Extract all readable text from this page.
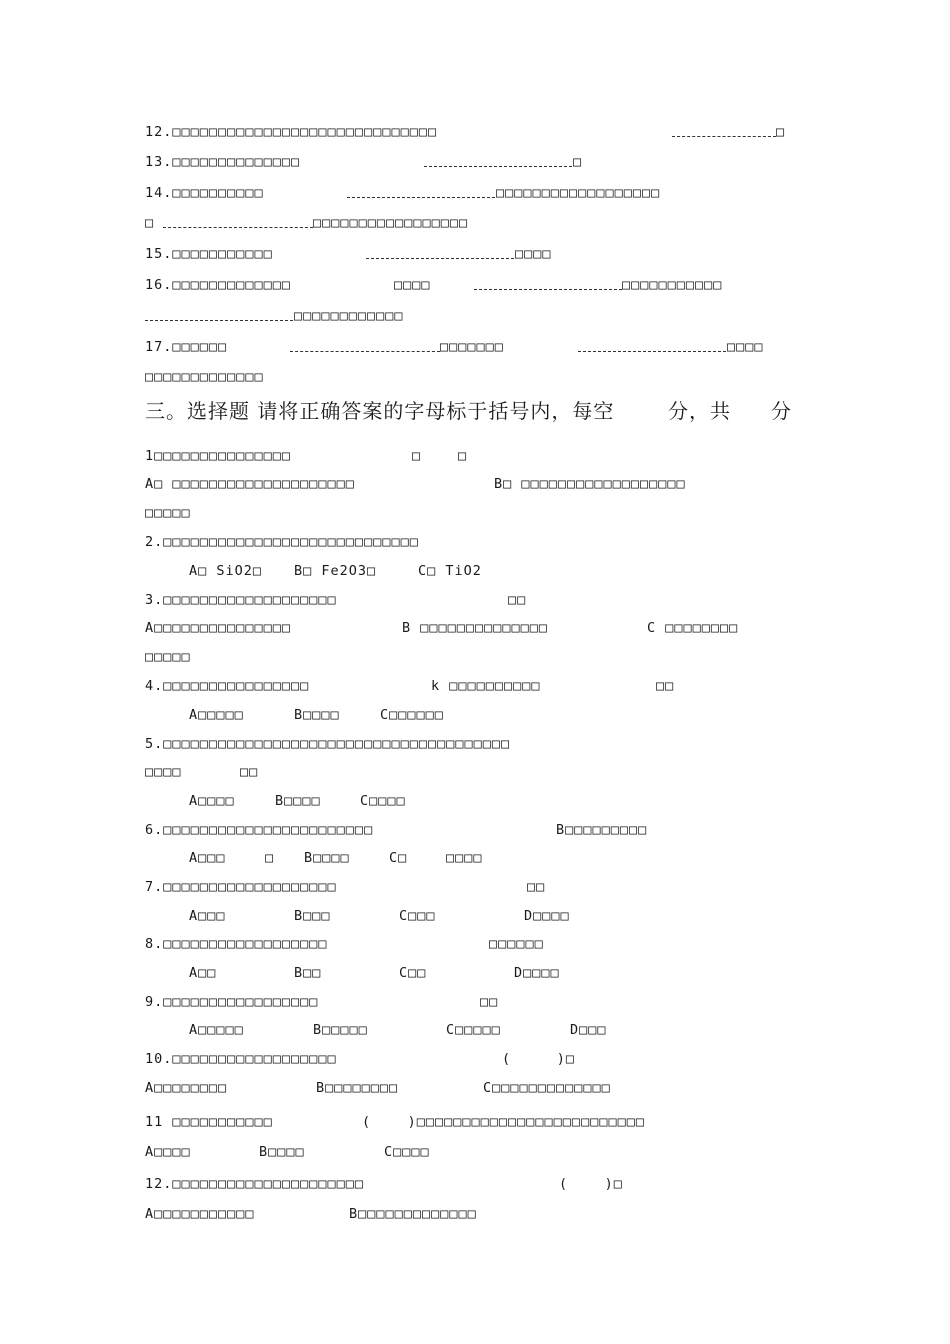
12.□□□□□□□□□□□□□□□□□□□□□□□□□□□□□	□
13.□□□□□□□□□□□□□□	□
14.□□□□□□□□□□	□□□□□□□□□□□□□□□□□□
□	□□□□□□□□□□□□□□□□□
15.□□□□□□□□□□□	□□□□
16.□□□□□□□□□□□□□	□□□□	□□□□□□□□□□□
□□□□□□□□□□□□
17.□□□□□□	□□□□□□□	□□□□
□□□□□□□□□□□□□
三。选择题 请将正确答案的字母标于括号内，每空	分，共 分
1□□□□□□□□□□□□□□□	□	□
A□ □□□□□□□□□□□□□□□□□□□□	B□ □□□□□□□□□□□□□□□□□□
□□□□□
2.□□□□□□□□□□□□□□□□□□□□□□□□□□□□
A□ SiO2□ B□ Fe2O3□	C□ TiO2
3.□□□□□□□□□□□□□□□□□□□	□□
A□□□□□□□□□□□□□□□	B □□□□□□□□□□□□□□	C □□□□□□□□
□□□□□
4.□□□□□□□□□□□□□□□□	k □□□□□□□□□□	□□
A□□□□□	B□□□□	C□□□□□□
5.□□□□□□□□□□□□□□□□□□□□□□□□□□□□□□□□□□□□□□
□□□□	□□
A□□□□	B□□□□	C□□□□
6.□□□□□□□□□□□□□□□□□□□□□□□	B□□□□□□□□□
A□□□	□ B□□□□	C□	□□□□
7.□□□□□□□□□□□□□□□□□□□	□□
A□□□	B□□□	C□□□	D□□□□
8.□□□□□□□□□□□□□□□□□□	□□□□□□
A□□	B□□	C□□	D□□□□
9.□□□□□□□□□□□□□□□□□	□□
A□□□□□	B□□□□□	C□□□□□	D□□□
10.□□□□□□□□□□□□□□□□□□	(     )□
A□□□□□□□□	B□□□□□□□□	C□□□□□□□□□□□□□
11 □□□□□□□□□□□	(    )□□□□□□□□□□□□□□□□□□□□□□□□□
A□□□□	B□□□□	C□□□□
12.□□□□□□□□□□□□□□□□□□□□□	(    )□
A□□□□□□□□□□□	B□□□□□□□□□□□□□
